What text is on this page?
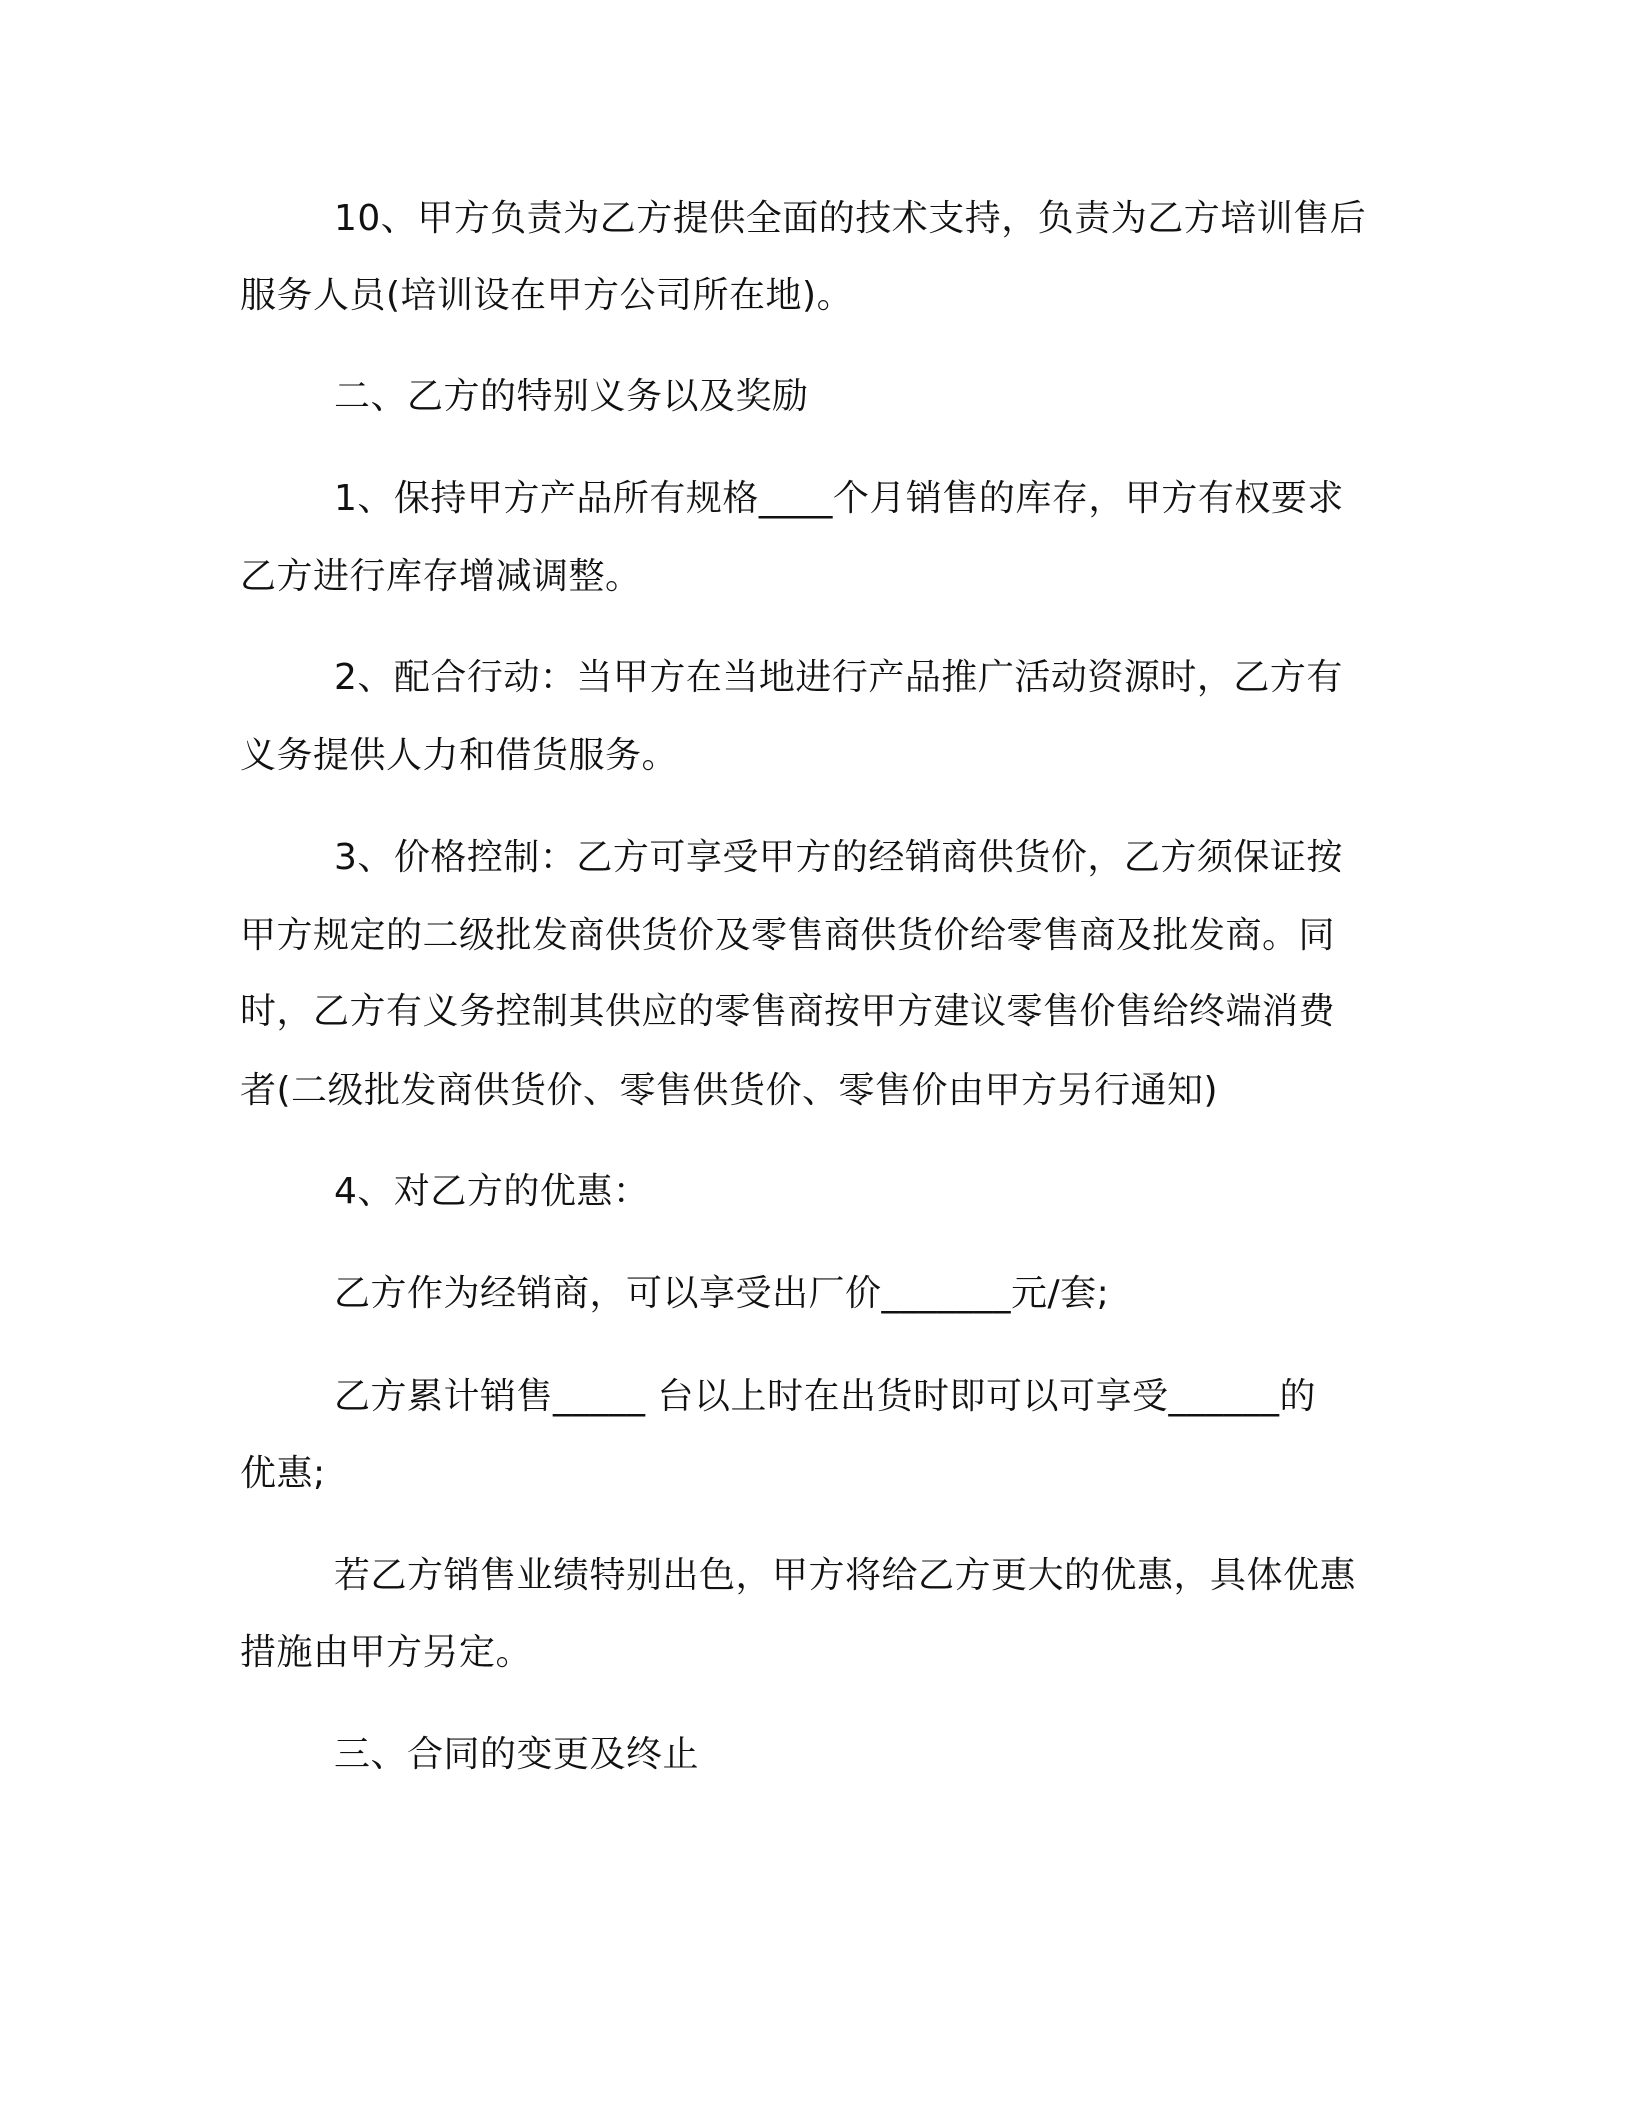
10、甲方负责为乙方提供全面的技术支持，负责为乙方培训售后
服务人员(培训设在甲方公司所在地)。
二、乙方的特别义务以及奖励
1、保持甲方产品所有规格____个月销售的库存，甲方有权要求
乙方进行库存增减调整。
2、配合行动：当甲方在当地进行产品推广活动资源时，乙方有
义务提供人力和借货服务。
3、价格控制：乙方可享受甲方的经销商供货价，乙方须保证按
甲方规定的二级批发商供货价及零售商供货价给零售商及批发商。同
时，乙方有义务控制其供应的零售商按甲方建议零售价售给终端消费
者(二级批发商供货价、零售供货价、零售价由甲方另行通知)
4、对乙方的优惠：
乙方作为经销商，可以享受出厂价_______元/套;
乙方累计销售_____ 台以上时在出货时即可以可享受______的
优惠;
若乙方销售业绩特别出色，甲方将给乙方更大的优惠，具体优惠
措施由甲方另定。
三、合同的变更及终止
